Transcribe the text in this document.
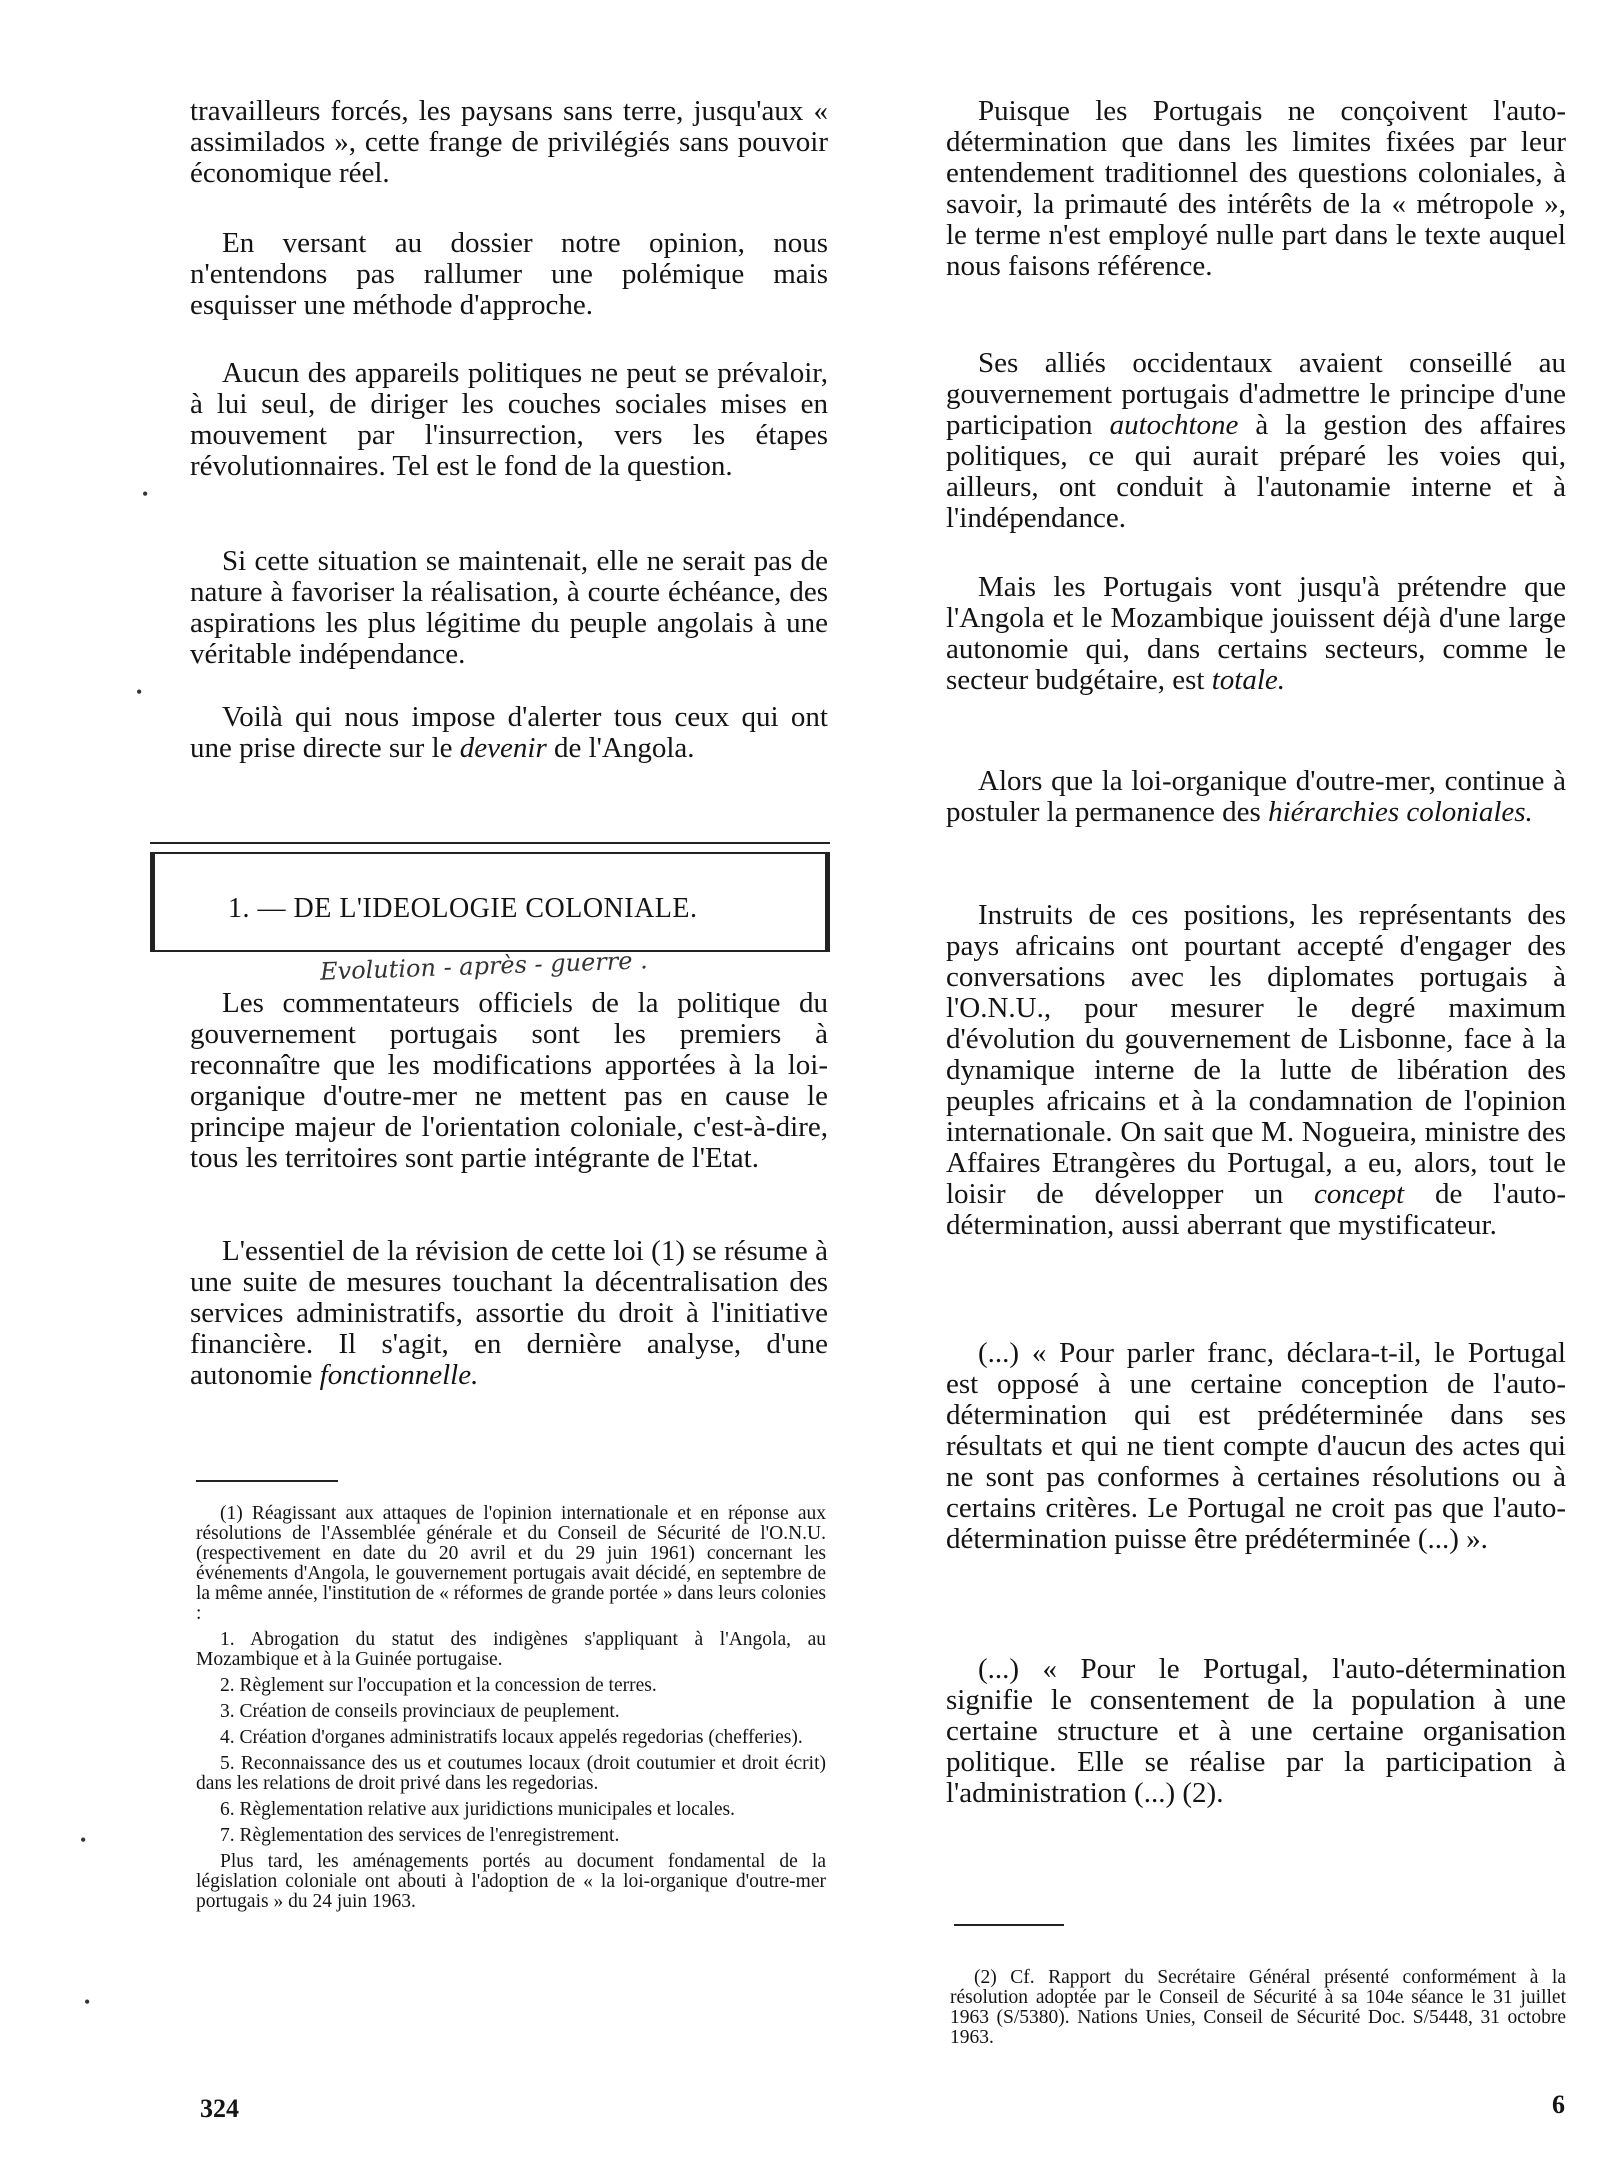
travailleurs forcés, les paysans sans terre, jusqu'aux « assimilados », cette frange de privilégiés sans pouvoir économique réel.

En versant au dossier notre opinion, nous n'entendons pas rallumer une polémique mais esquisser une méthode d'approche.

Aucun des appareils politiques ne peut se prévaloir, à lui seul, de diriger les couches sociales mises en mouvement par l'insurrection, vers les étapes révolutionnaires. Tel est le fond de la question.

Si cette situation se maintenait, elle ne serait pas de nature à favoriser la réalisation, à courte échéance, des aspirations les plus légitime du peuple angolais à une véritable indépendance.

Voilà qui nous impose d'alerter tous ceux qui ont une prise directe sur le devenir de l'Angola.

1. — DE L'IDEOLOGIE COLONIALE.
Evolution - après - guerre .

Les commentateurs officiels de la politique du gouvernement portugais sont les premiers à reconnaître que les modifications apportées à la loi-organique d'outre-mer ne mettent pas en cause le principe majeur de l'orientation coloniale, c'est-à-dire, tous les territoires sont partie intégrante de l'Etat.

L'essentiel de la révision de cette loi (1) se résume à une suite de mesures touchant la décentralisation des services administratifs, assortie du droit à l'initiative financière. Il s'agit, en dernière analyse, d'une autonomie fonctionnelle.

(1) Réagissant aux attaques de l'opinion internationale et en réponse aux résolutions de l'Assemblée générale et du Conseil de Sécurité de l'O.N.U. (respectivement en date du 20 avril et du 29 juin 1961) concernant les événements d'Angola, le gouvernement portugais avait décidé, en septembre de la même année, l'institution de « réformes de grande portée » dans leurs colonies :

1. Abrogation du statut des indigènes s'appliquant à l'Angola, au Mozambique et à la Guinée portugaise.

2. Règlement sur l'occupation et la concession de terres.

3. Création de conseils provinciaux de peuplement.

4. Création d'organes administratifs locaux appelés regedorias (chefferies).

5. Reconnaissance des us et coutumes locaux (droit coutumier et droit écrit) dans les relations de droit privé dans les regedorias.

6. Règlementation relative aux juridictions municipales et locales.

7. Règlementation des services de l'enregistrement.

Plus tard, les aménagements portés au document fondamental de la législation coloniale ont abouti à l'adoption de « la loi-organique d'outre-mer portugais » du 24 juin 1963.

324

Puisque les Portugais ne conçoivent l'auto-détermination que dans les limites fixées par leur entendement traditionnel des questions coloniales, à savoir, la primauté des intérêts de la « métropole », le terme n'est employé nulle part dans le texte auquel nous faisons référence.

Ses alliés occidentaux avaient conseillé au gouvernement portugais d'admettre le principe d'une participation autochtone à la gestion des affaires politiques, ce qui aurait préparé les voies qui, ailleurs, ont conduit à l'autonamie interne et à l'indépendance.

Mais les Portugais vont jusqu'à prétendre que l'Angola et le Mozambique jouissent déjà d'une large autonomie qui, dans certains secteurs, comme le secteur budgétaire, est totale.

Alors que la loi-organique d'outre-mer, continue à postuler la permanence des hiérarchies coloniales.

Instruits de ces positions, les représentants des pays africains ont pourtant accepté d'engager des conversations avec les diplomates portugais à l'O.N.U., pour mesurer le degré maximum d'évolution du gouvernement de Lisbonne, face à la dynamique interne de la lutte de libération des peuples africains et à la condamnation de l'opinion internationale. On sait que M. Nogueira, ministre des Affaires Etrangères du Portugal, a eu, alors, tout le loisir de développer un concept de l'auto-détermination, aussi aberrant que mystificateur.

(...) « Pour parler franc, déclara-t-il, le Portugal est opposé à une certaine conception de l'auto-détermination qui est prédéterminée dans ses résultats et qui ne tient compte d'aucun des actes qui ne sont pas conformes à certaines résolutions ou à certains critères. Le Portugal ne croit pas que l'auto-détermination puisse être prédéterminée (...) ».

(...) « Pour le Portugal, l'auto-détermination signifie le consentement de la population à une certaine structure et à une certaine organisation politique. Elle se réalise par la participation à l'administration (...) (2).

(2) Cf. Rapport du Secrétaire Général présenté conformément à la résolution adoptée par le Conseil de Sécurité à sa 104e séance le 31 juillet 1963 (S/5380). Nations Unies, Conseil de Sécurité Doc. S/5448, 31 octobre 1963.

6
•
•
•
•
